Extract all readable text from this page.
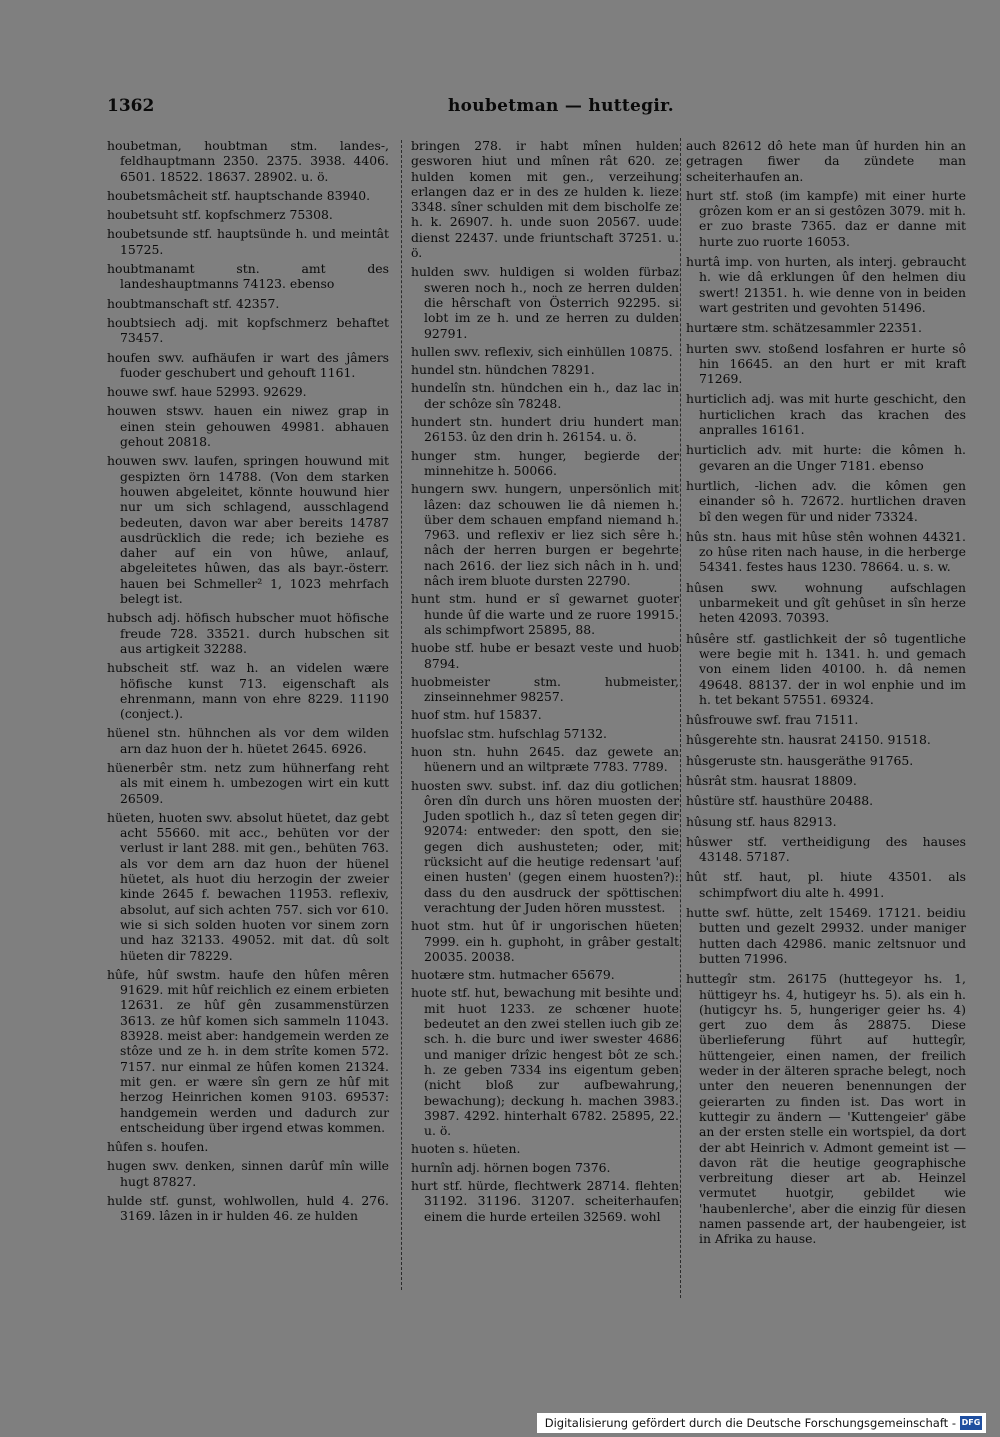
1362	houbetman — huttegir.
houbetman, houbtman stm. landes-, feldhauptmann 2350. 2375. 3938. 4406. 6501. 18522. 18637. 28902. u. ö.
houbetsmâcheit stf. hauptschande 83940.
houbetsuht stf. kopfschmerz 75308.
houbetsunde stf. hauptsünde h. und meintât 15725.
houbtmanamt stn. amt des landeshauptmanns 74123. ebenso
houbtmanschaft stf. 42357.
houbtsiech adj. mit kopfschmerz behaftet 73457.
houfen swv. aufhäufen ir wart des jâmers fuoder geschubert und gehouft 1161.
houwe swf. haue 52993. 92629.
houwen stswv. hauen ein niwez grap in einen stein gehouwen 49981. abhauen gehout 20818.
houwen swv. laufen, springen houwund mit gespizten örn 14788. (Von dem starken houwen abgeleitet, könnte houwund hier nur um sich schlagend, ausschlagend bedeuten, davon war aber bereits 14787 ausdrücklich die rede; ich beziehe es daher auf ein von hûwe, anlauf, abgeleitetes hûwen, das als bayr.-österr. hauen bei Schmeller² 1, 1023 mehrfach belegt ist.
hubsch adj. höfisch hubscher muot höfische freude 728. 33521. durch hubschen sit aus artigkeit 32288.
hubscheit stf. waz h. an videlen wære höfische kunst 713. eigenschaft als ehrenmann, mann von ehre 8229. 11190 (conject.).
hüenel stn. hühnchen als vor dem wilden arn daz huon der h. hüetet 2645. 6926.
hüenerbêr stm. netz zum hühnerfang reht als mit einem h. umbezogen wirt ein kutt 26509.
hüeten, huoten swv. absolut hüetet, daz gebt acht 55660. mit acc., behüten vor der verlust ir lant 288. mit gen., behüten 763. als vor dem arn daz huon der hüenel hüetet, als huot diu herzogin der zweier kinde 2645 f. bewachen 11953. reflexiv, absolut, auf sich achten 757. sich vor 610. wie si sich solden huoten vor sinem zorn und haz 32133. 49052. mit dat. dû solt hüeten dir 78229.
hûfe, hûf swstm. haufe den hûfen mêren 91629. mit hûf reichlich ez einem erbieten 12631. ze hûf gên zusammenstürzen 3613. ze hûf komen sich sammeln 11043. 83928. meist aber: handgemein werden ze stôze und ze h. in dem strîte komen 572. 7157. nur einmal ze hûfen komen 21324. mit gen. er wære sîn gern ze hûf mit herzog Heinrichen komen 9103. 69537: handgemein werden und dadurch zur entscheidung über irgend etwas kommen.
hûfen s. houfen.
hugen swv. denken, sinnen darûf mîn wille hugt 87827.
hulde stf. gunst, wohlwollen, huld 4. 276. 3169. lâzen in ir hulden 46. ze hulden
bringen 278. ir habt mînen hulden gesworen hiut und mînen rât 620. ze hulden komen mit gen., verzeihung erlangen daz er in des ze hulden k. liezе 3348. sîner schulden mit dem bischolfe ze h. k. 26907. h. unde suon 20567. uude dienst 22437. unde friuntschaft 37251. u. ö.
hulden swv. huldigen si wolden fürbaz sweren noch h., noch ze herren dulden die hêrschaft von Österrich 92295. si lobt im ze h. und ze herren zu dulden 92791.
hullen swv. reflexiv, sich einhüllen 10875.
hundel stn. hündchen 78291.
hundelîn stn. hündchen ein h., daz lac in der schôze sîn 78248.
hundert stn. hundert driu hundert man 26153. ûz den drin h. 26154. u. ö.
hunger stm. hunger, begierde der minnehitze h. 50066.
hungern swv. hungern, unpersönlich mit lâzen: daz schouwen lie dâ niemen h. über dem schauen empfand niemand h. 7963. und reflexiv er liez sich sêre h. nâch der herren burgen er begehrte nach 2616. der liez sich nâch in h. und nâch irem bluote dursten 22790.
hunt stm. hund er sî gewarnet guoter hunde ûf die warte und ze ruore 19915. als schimpfwort 25895, 88.
huobe stf. hube er besazt veste und huob 8794.
huobmeister stm. hubmeister, zinseinnehmer 98257.
huof stm. huf 15837.
huofslac stm. hufschlag 57132.
huon stn. huhn 2645. daz gewete an hüenern und an wiltpræte 7783. 7789.
huosten swv. subst. inf. daz diu gotlichen ôren dîn durch uns hören muosten der Juden spotlich h., daz sî teten gegen dir 92074: entweder: den spott, den sie gegen dich aushusteten; oder, mit rücksicht auf die heutige redensart 'auf einen husten' (gegen einem huosten?): dass du den ausdruck der spöttischen verachtung der Juden hören musstest.
huot stm. hut ûf ir ungorischen hüeten 7999. ein h. guphoht, in grâber gestalt 20035. 20038.
huotære stm. hutmacher 65679.
huote stf. hut, bewachung mit besihte und mit huot 1233. ze schœner huote bedeutet an den zwei stellen iuch gib ze sch. h. die burc und iwer swester 4686 und maniger drîzic hengest bôt ze sch. h. ze geben 7334 ins eigentum geben (nicht bloß zur aufbewahrung, bewachung); deckung h. machen 3983. 3987. 4292. hinterhalt 6782. 25895, 22. u. ö.
huoten s. hüeten.
hurnîn adj. hörnen bogen 7376.
hurt stf. hürde, flechtwerk 28714. flehten 31192. 31196. 31207. scheiterhaufen einem die hurde erteilen 32569. wohl
auch 82612 dô hete man ûf hurden hin an getragen fiwer da zündete man scheiterhaufen an.
hurt stf. stoß (im kampfe) mit einer hurte grôzen kom er an si gestôzen 3079. mit h. er zuo braste 7365. daz er danne mit hurte zuo ruorte 16053.
hurtâ imp. von hurten, als interj. gebraucht h. wie dâ erklungen ûf den helmen diu swert! 21351. h. wie denne von in beiden wart gestriten und gevohten 51496.
hurtære stm. schätzesammler 22351.
hurten swv. stoßend losfahren er hurte sô hin 16645. an den hurt er mit kraft 71269.
hurticlich adj. was mit hurte geschicht, den hurticlichen krach das krachen des anpralles 16161.
hurticlich adv. mit hurte: die kômen h. gevaren an die Unger 7181. ebenso
hurtlich, -lichen adv. die kômen gen einander sô h. 72672. hurtlichen draven bî den wegen für und nider 73324.
hûs stn. haus mit hûse stên wohnen 44321. zo hûse riten nach hause, in die herberge 54341. festes haus 1230. 78664. u. s. w.
hûsen swv. wohnung aufschlagen unbarmekeit und gît gehûset in sîn herze heten 42093. 70393.
hûsêre stf. gastlichkeit der sô tugentliche were begie mit h. 1341. h. und gemach von einem liden 40100. h. dâ nemen 49648. 88137. der in wol enphie und im h. tet bekant 57551. 69324.
hûsfrouwe swf. frau 71511.
hûsgerehte stn. hausrat 24150. 91518.
hûsgeruste stn. hausgeräthe 91765.
hûsrât stm. hausrat 18809.
hûstüre stf. hausthüre 20488.
hûsung stf. haus 82913.
hûswer stf. vertheidigung des hauses 43148. 57187.
hût stf. haut, pl. hiute 43501. als schimpfwort diu alte h. 4991.
hutte swf. hütte, zelt 15469. 17121. beidiu butten und gezelt 29932. under maniger hutten dach 42986. manic zeltsnuor und butten 71996.
huttegîr stm. 26175 (huttegeyor hs. 1, hüttigeyr hs. 4, hutigeyr hs. 5). als ein h. (hutigcyr hs. 5, hungeriger geier hs. 4) gert zuo dem âs 28875. Diese überlieferung führt auf huttegîr, hüttengeier, einen namen, der freilich weder in der älteren sprache belegt, noch unter den neueren benennungen der geierarten zu finden ist. Das wort in kuttegir zu ändern — 'Kuttengeier' gäbe an der ersten stelle ein wortspiel, da dort der abt Heinrich v. Admont gemeint ist — davon rät die heutige geographische verbreitung dieser art ab. Heinzel vermutet huotgir, gebildet wie 'haubenlerche', aber die einzig für diesen namen passende art, der haubengeier, ist in Afrika zu hause.
Digitalisierung gefördert durch die Deutsche Forschungsgemeinschaft - DFG
